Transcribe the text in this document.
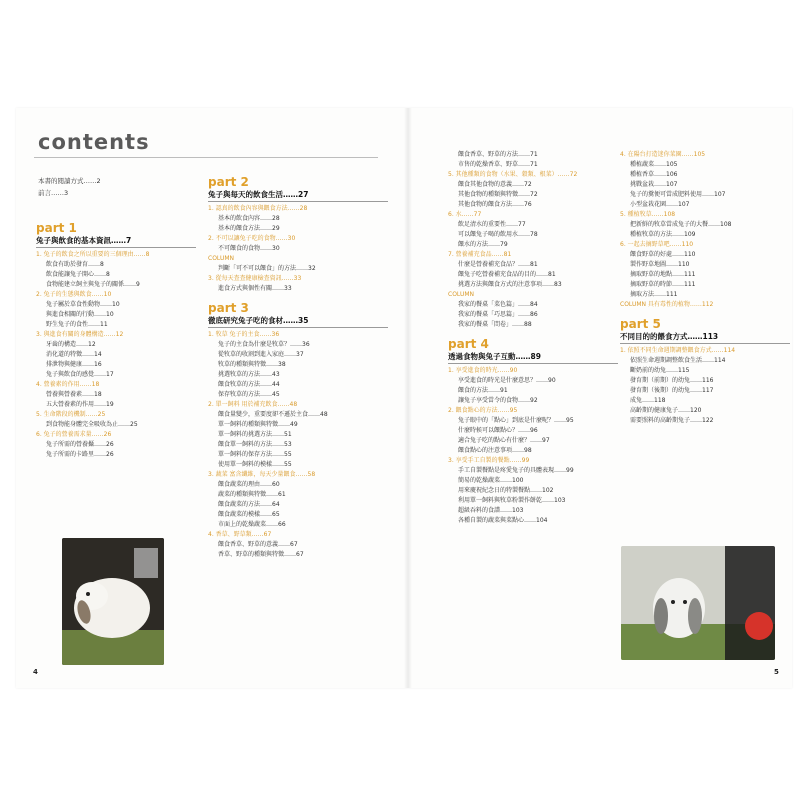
contents
本書的閱讀方式……2
前言……3
part 1
兔子與飲食的基本資訊……7
1. 兔子的飲食之所以重要的三個理由……8
飲食有助於發育……8
飲食能讓兔子開心……8
食物能建立飼主與兔子的關係……9
2. 兔子的生態與飲食……10
兔子屬於草食性動物……10
與進食相關的行動……10
野生兔子的食性……11
3. 與進食有關的身體構造……12
牙齒的構造……12
消化道的特徵……14
排泄物與健康……16
兔子與飲食的感覺……17
4. 營養素的作用……18
營養與營養素……18
五大營養素的作用……19
5. 生命階段的機制……25
到食物能身體完全吸收為止……25
6. 兔子的營養需求量……26
兔子所需的營養攝……26
兔子所需的卡路里……26
part 2
兔子與每天的飲食生活……27
1. 認真的飲食內容與餵食方法……28
基本的飲食內容……28
基本的餵食方法……29
2. 不可以讓兔子吃的食物……30
不可餵食的食物……30
COLUMN
判斷「可不可以餵食」的方法……32
3. 從每天查查健康檢查資訊……33
進食方式與個性有關……33
part 3
徹底研究兔子吃的食材……35
1. 牧草 兔子的主食……36
兔子的主食為什麼是牧草？……36
從牧草的收割到進入家庭……37
牧草的種類與特徵……38
挑選牧草的方法……43
餵食牧草的方法……44
保存牧草的方法……45
2. 單一飼料 用於補充飲食……48
餵食量變少，重要度卻不遜於主食……48
單一飼料的種類與特徵……49
單一飼料的挑選方法……51
餵食單一飼料的方法……53
單一飼料的保存方法……55
使用單一飼料的模樣……55
3. 蔬菜 富含纖維，每天少量餵食……58
餵食蔬菜的理由……60
蔬菜的種類與特徵……61
餵食蔬菜的方法……64
餵食蔬菜的模樣……65
市面上的乾燥蔬菜……66
4. 香草、野草類……67
餵食香草、野草的意義……67
香草、野草的種類與特徵……67
餵食香草、野草的方法……71
市售的乾燥香草、野草……71
5. 其他種類的食物（水果、穀類、根菜）……72
餵食其他食物的意義……72
其他食物的種類與特徵……72
其他食物的餵食方法……76
6. 水……77
飲足清水的重要性……77
可以餵兔子喝的飲用水……78
餵水的方法……79
7. 營養補充食品……81
什麼是營養補充食品？……81
餵兔子吃營養補充食品的目的……81
挑選方法與餵食方式的注意事項……83
COLUMN
我家的餐桌「菜色篇」……84
我家的餐桌「巧思篇」……86
我家的餐桌「問卷」……88
part 4
透過食物與兔子互動……89
1. 享受進食的時光……90
享受進食的時光是什麼意思？……90
餵食的方法……91
讓兔子享受當令的食物……92
2. 餵食點心的方法……95
兔子眼中的「點心」到底是什麼呢？……95
什麼時候可以餵點心？……96
適合兔子吃的點心有什麼？……97
餵食點心的注意事項……98
3. 享受手工自製的餐點……99
手工自製餐點是疼愛兔子的具體表現……99
簡易的乾燥蔬菜……100
用來慶祝紀念日的特製餐點……102
利用單一飼料與牧草粉製作餅乾……103
超級吞料的食譜……103
各種自製的蔬菜與菜點心……104
4. 在陽台打造迷你菜園……105
種植蔬菜……105
種植香草……106
挑戰盆栽……107
兔子的糞便可當成肥料使用……107
小型盆栽花園……107
5. 種植牧草……108
把新鮮的牧草當成兔子的大餐……108
種植牧草的方法……109
6. 一起去摘野草吧……110
餵食野草的好處……110
製作野草地圖……110
摘取野草的地點……111
摘取野草的時節……111
摘取方法……111
COLUMN 具有毒性的植物……112
part 5
不同目的的餵食方式……113
1. 依照不同生命週期調整餵食方式……114
依照生命週期調整飲食生活……114
斷奶前的幼兔……115
發育期（前期）的幼兔……116
發育期（後期）的幼兔……117
成兔……118
高齡期的健康兔子……120
需要照料的高齡期兔子……122
4	5
